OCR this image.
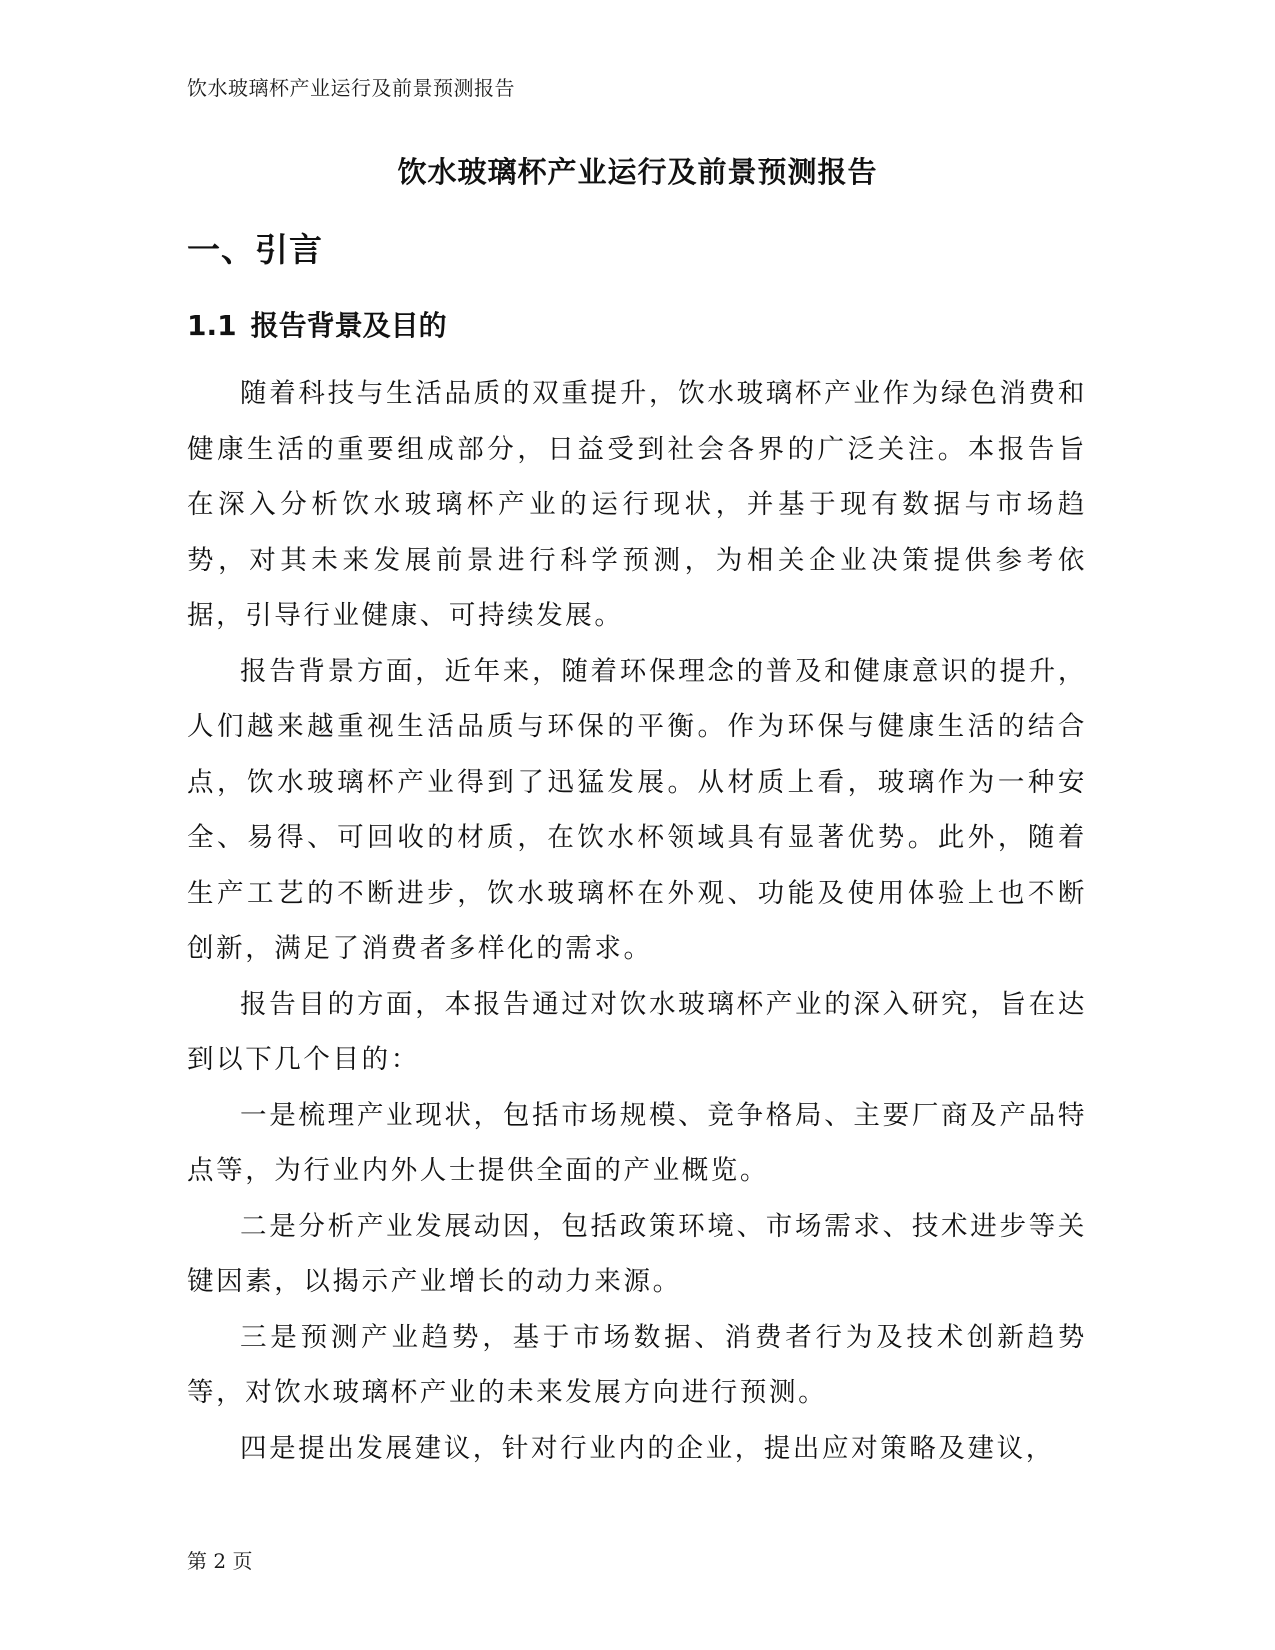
饮水玻璃杯产业运行及前景预测报告
饮水玻璃杯产业运行及前景预测报告
一、引言
1.1 报告背景及目的

随着科技与生活品质的双重提升，饮水玻璃杯产业作为绿色消费和健康生活的重要组成部分，日益受到社会各界的广泛关注。本报告旨在深入分析饮水玻璃杯产业的运行现状，并基于现有数据与市场趋势，对其未来发展前景进行科学预测，为相关企业决策提供参考依据，引导行业健康、可持续发展。

报告背景方面，近年来，随着环保理念的普及和健康意识的提升，人们越来越重视生活品质与环保的平衡。作为环保与健康生活的结合点，饮水玻璃杯产业得到了迅猛发展。从材质上看，玻璃作为一种安全、易得、可回收的材质，在饮水杯领域具有显著优势。此外，随着生产工艺的不断进步，饮水玻璃杯在外观、功能及使用体验上也不断创新，满足了消费者多样化的需求。

报告目的方面，本报告通过对饮水玻璃杯产业的深入研究，旨在达到以下几个目的：

一是梳理产业现状，包括市场规模、竞争格局、主要厂商及产品特点等，为行业内外人士提供全面的产业概览。

二是分析产业发展动因，包括政策环境、市场需求、技术进步等关键因素，以揭示产业增长的动力来源。

三是预测产业趋势，基于市场数据、消费者行为及技术创新趋势等，对饮水玻璃杯产业的未来发展方向进行预测。

四是提出发展建议，针对行业内的企业，提出应对策略及建议，

第 2 页
